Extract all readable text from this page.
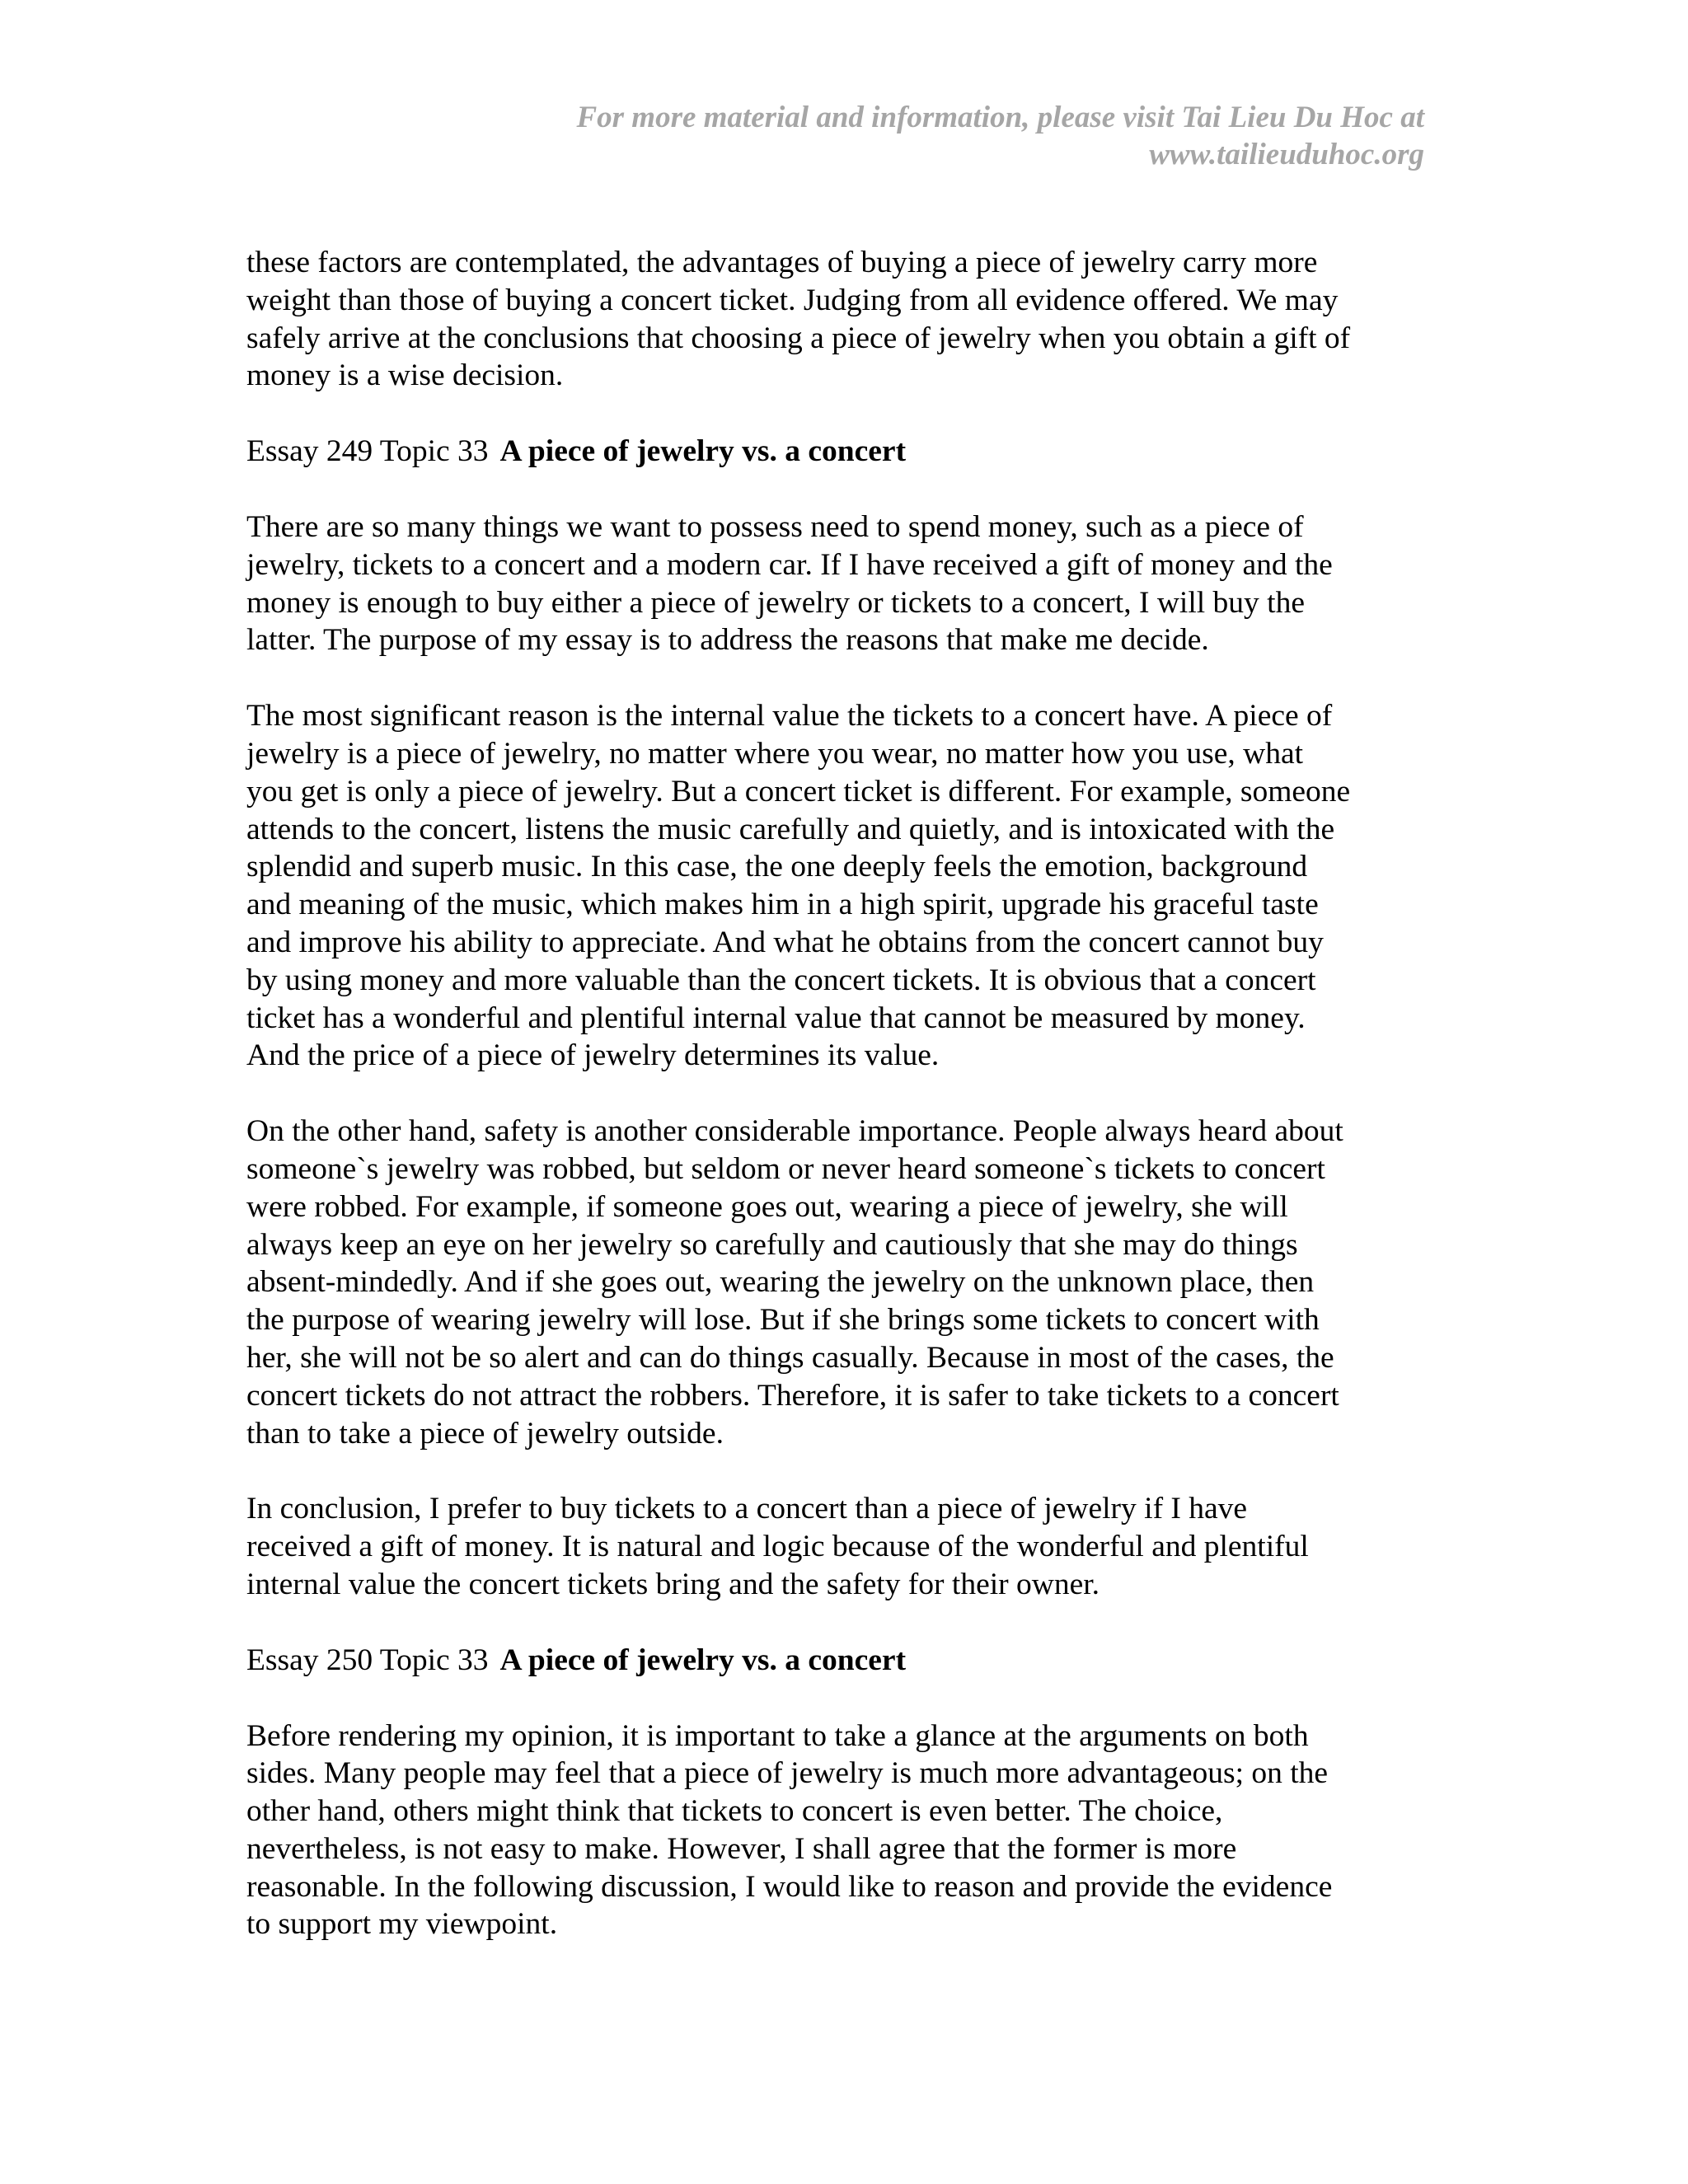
For more material and information, please visit Tai Lieu Du Hoc at
www.tailieuduhoc.org
these factors are contemplated, the advantages of buying a piece of jewelry carry more
weight than those of buying a concert ticket. Judging from all evidence offered. We may
safely arrive at the conclusions that choosing a piece of jewelry when you obtain a gift of
money is a wise decision.
Essay 249 Topic 33 A piece of jewelry vs. a concert
There are so many things we want to possess need to spend money, such as a piece of
jewelry, tickets to a concert and a modern car. If I have received a gift of money and the
money is enough to buy either a piece of jewelry or tickets to a concert, I will buy the
latter. The purpose of my essay is to address the reasons that make me decide.
The most significant reason is the internal value the tickets to a concert have. A piece of
jewelry is a piece of jewelry, no matter where you wear, no matter how you use, what
you get is only a piece of jewelry. But a concert ticket is different. For example, someone
attends to the concert, listens the music carefully and quietly, and is intoxicated with the
splendid and superb music. In this case, the one deeply feels the emotion, background
and meaning of the music, which makes him in a high spirit, upgrade his graceful taste
and improve his ability to appreciate. And what he obtains from the concert cannot buy
by using money and more valuable than the concert tickets. It is obvious that a concert
ticket has a wonderful and plentiful internal value that cannot be measured by money.
And the price of a piece of jewelry determines its value.
On the other hand, safety is another considerable importance. People always heard about
someone`s jewelry was robbed, but seldom or never heard someone`s tickets to concert
were robbed. For example, if someone goes out, wearing a piece of jewelry, she will
always keep an eye on her jewelry so carefully and cautiously that she may do things
absent-mindedly. And if she goes out, wearing the jewelry on the unknown place, then
the purpose of wearing jewelry will lose. But if she brings some tickets to concert with
her, she will not be so alert and can do things casually. Because in most of the cases, the
concert tickets do not attract the robbers. Therefore, it is safer to take tickets to a concert
than to take a piece of jewelry outside.
In conclusion, I prefer to buy tickets to a concert than a piece of jewelry if I have
received a gift of money. It is natural and logic because of the wonderful and plentiful
internal value the concert tickets bring and the safety for their owner.
Essay 250 Topic 33 A piece of jewelry vs. a concert
Before rendering my opinion, it is important to take a glance at the arguments on both
sides. Many people may feel that a piece of jewelry is much more advantageous; on the
other hand, others might think that tickets to concert is even better. The choice,
nevertheless, is not easy to make. However, I shall agree that the former is more
reasonable. In the following discussion, I would like to reason and provide the evidence
to support my viewpoint.
